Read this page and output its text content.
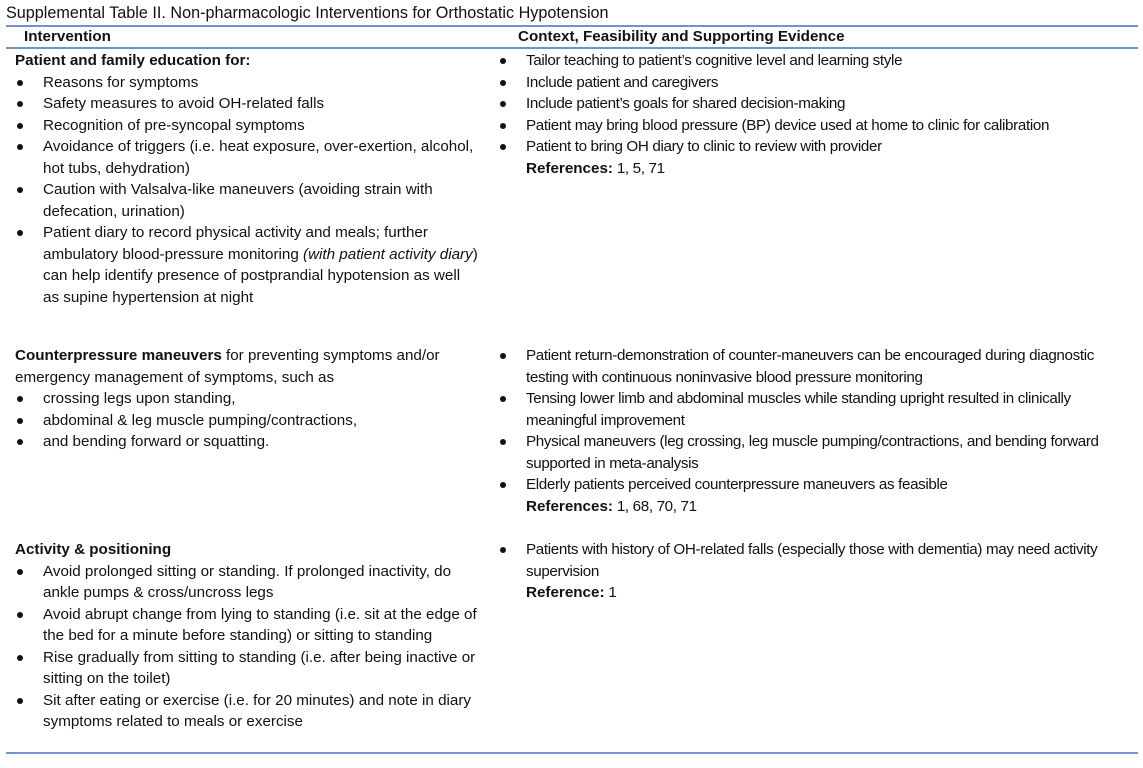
Supplemental Table II. Non-pharmacologic Interventions for Orthostatic Hypotension
Intervention	Context, Feasibility and Supporting Evidence

Patient and family education for:

Reasons for symptoms
Safety measures to avoid OH-related falls
Recognition of pre-syncopal symptoms
Avoidance of triggers (i.e. heat exposure, over-exertion, alcohol, hot tubs, dehydration)
Caution with Valsalva-like maneuvers (avoiding strain with defecation, urination)
Patient diary to record physical activity and meals; further ambulatory blood-pressure monitoring (with patient activity diary) can help identify presence of postprandial hypotension as well as supine hypertension at night
Tailor teaching to patient’s cognitive level and learning style
Include patient and caregivers
Include patient’s goals for shared decision-making
Patient may bring blood pressure (BP) device used at home to clinic for calibration
Patient to bring OH diary to clinic to review with provider
References: 1, 5, 71

Counterpressure maneuvers for preventing symptoms and/or emergency management of symptoms, such as

crossing legs upon standing,
abdominal & leg muscle pumping/contractions,
and bending forward or squatting.
Patient return-demonstration of counter-maneuvers can be encouraged during diagnostic testing with continuous noninvasive blood pressure monitoring
Tensing lower limb and abdominal muscles while standing upright resulted in clinically meaningful improvement
Physical maneuvers (leg crossing, leg muscle pumping/contractions, and bending forward supported in meta-analysis
Elderly patients perceived counterpressure maneuvers as feasible
References: 1, 68, 70, 71

Activity & positioning

Avoid prolonged sitting or standing. If prolonged inactivity, do ankle pumps & cross/uncross legs
Avoid abrupt change from lying to standing (i.e. sit at the edge of the bed for a minute before standing) or sitting to standing
Rise gradually from sitting to standing (i.e. after being inactive or sitting on the toilet)
Sit after eating or exercise (i.e. for 20 minutes) and note in diary symptoms related to meals or exercise
Patients with history of OH-related falls (especially those with dementia) may need activity supervision
Reference: 1
